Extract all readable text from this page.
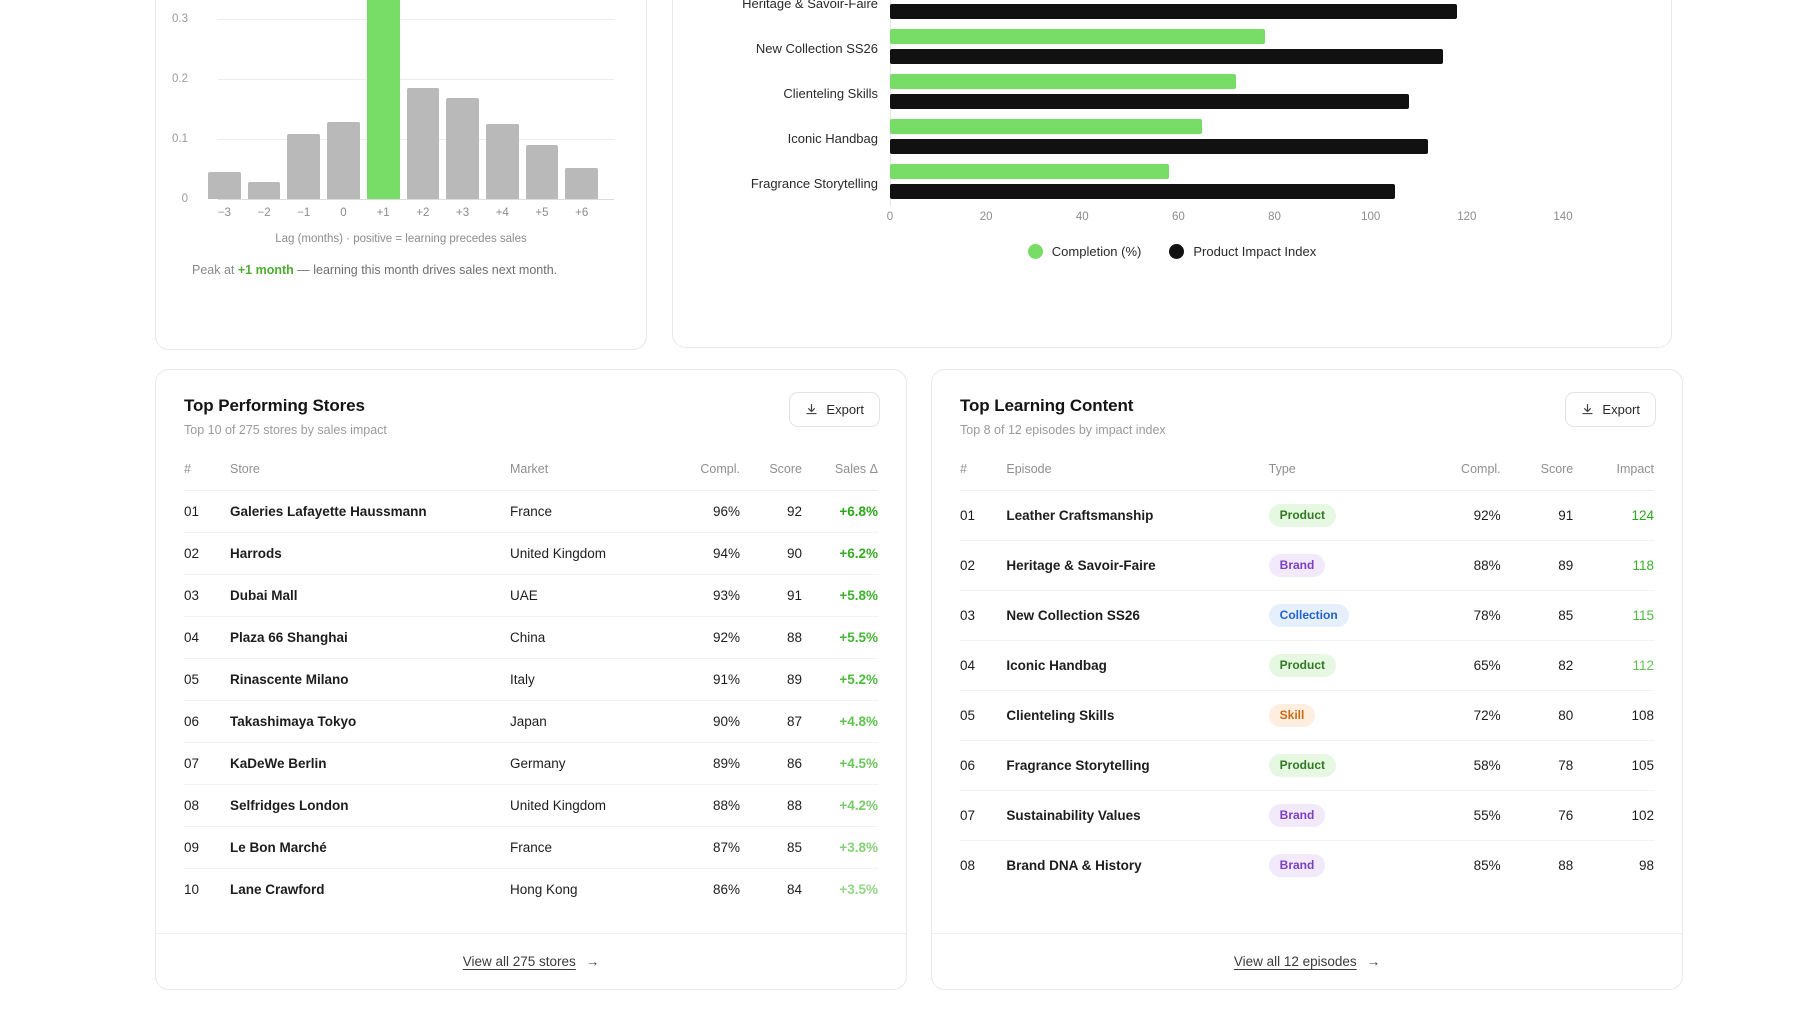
0.3
0.2
0.1
0
−3	−2	−1	0	+1	+2	+3	+4	+5	+6
Lag (months) · positive = learning precedes sales
Peak at +1 month — learning this month drives sales next month.
Heritage & Savoir-Faire
New Collection SS26
Clienteling Skills
Iconic Handbag
Fragrance Storytelling
0	20	40	60	80	100	120	140
Completion (%)	Product Impact Index
Top Performing Stores
Top 10 of 275 stores by sales impact
Export
#	Store	Market	Compl.	Score	Sales Δ
01	Galeries Lafayette Haussmann	France	96%	92	+6.8%
02	Harrods	United Kingdom	94%	90	+6.2%
03	Dubai Mall	UAE	93%	91	+5.8%
04	Plaza 66 Shanghai	China	92%	88	+5.5%
05	Rinascente Milano	Italy	91%	89	+5.2%
06	Takashimaya Tokyo	Japan	90%	87	+4.8%
07	KaDeWe Berlin	Germany	89%	86	+4.5%
08	Selfridges London	United Kingdom	88%	88	+4.2%
09	Le Bon Marché	France	87%	85	+3.8%
10	Lane Crawford	Hong Kong	86%	84	+3.5%
View all 275 stores →
Top Learning Content
Top 8 of 12 episodes by impact index
Export
#	Episode	Type	Compl.	Score	Impact
01	Leather Craftsmanship	Product	92%	91	124
02	Heritage & Savoir-Faire	Brand	88%	89	118
03	New Collection SS26	Collection	78%	85	115
04	Iconic Handbag	Product	65%	82	112
05	Clienteling Skills	Skill	72%	80	108
06	Fragrance Storytelling	Product	58%	78	105
07	Sustainability Values	Brand	55%	76	102
08	Brand DNA & History	Brand	85%	88	98
View all 12 episodes →
